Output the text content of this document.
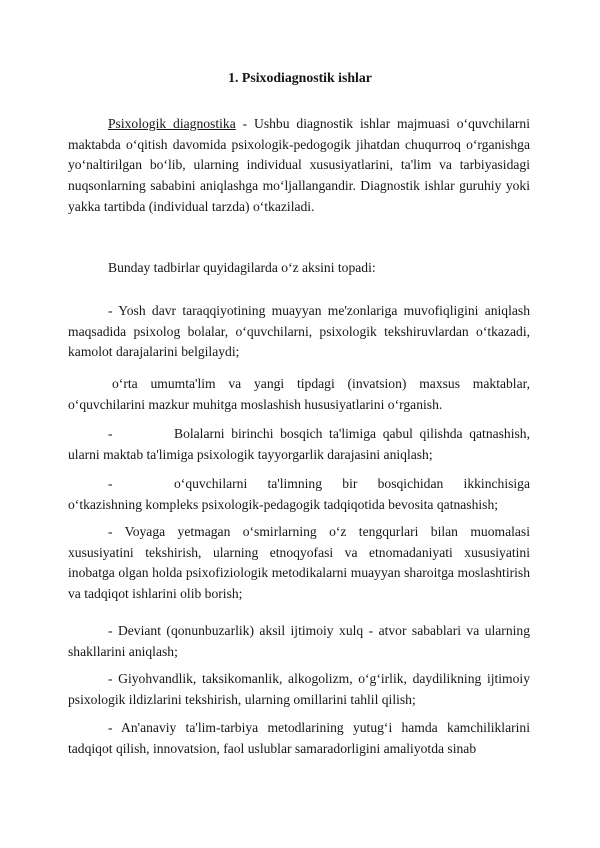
1. Psixodiagnostik ishlar

Psixologik diagnostika - Ushbu diagnostik ishlar majmuasi o‘quvchilarni maktabda o‘qitish davomida psixologik-pedogogik jihatdan chuqurroq o‘rganishga yo‘naltirilgan bo‘lib, ularning individual xususiyatlarini, ta'lim va tarbiyasidagi nuqsonlarning sababini aniqlashga mo‘ljallangandir. Diagnostik ishlar guruhiy yoki yakka tartibda (individual tarzda) o‘tkaziladi.

Bunday tadbirlar quyidagilarda o‘z aksini topadi:

- Yosh davr taraqqiyotining muayyan me'zonlariga muvofiqligini aniqlash maqsadida psixolog bolalar, o‘quvchilarni, psixologik tekshiruvlardan o‘tkazadi, kamolot darajalarini belgilaydi;

o‘rta umumta'lim va yangi tipdagi (invatsion) maxsus maktablar, o‘quvchilarini mazkur muhitga moslashish hususiyatlarini o‘rganish.

-	Bolalarni birinchi bosqich ta'limiga qabul qilishda qatnashish, ularni maktab ta'limiga psixologik tayyorgarlik darajasini aniqlash;

-	o‘quvchilarni ta'limning bir bosqichidan ikkinchisiga o‘tkazishning kompleks psixologik-pedagogik tadqiqotida bevosita qatnashish;

- Voyaga yetmagan o‘smirlarning o‘z tengqurlari bilan muomalasi xususiyatini tekshirish, ularning etnoqyofasi va etnomadaniyati xususiyatini inobatga olgan holda psixofiziologik metodikalarni muayyan sharoitga moslashtirish va tadqiqot ishlarini olib borish;

- Deviant (qonunbuzarlik) aksil ijtimoiy xulq - atvor sabablari va ularning shakllarini aniqlash;

- Giyohvandlik, taksikomanlik, alkogolizm, o‘g‘irlik, daydilikning ijtimoiy psixologik ildizlarini tekshirish, ularning omillarini tahlil qilish;

- An'anaviy ta'lim-tarbiya metodlarining yutug‘i hamda kamchiliklarini tadqiqot qilish, innovatsion, faol uslublar samaradorligini amaliyotda sinab
